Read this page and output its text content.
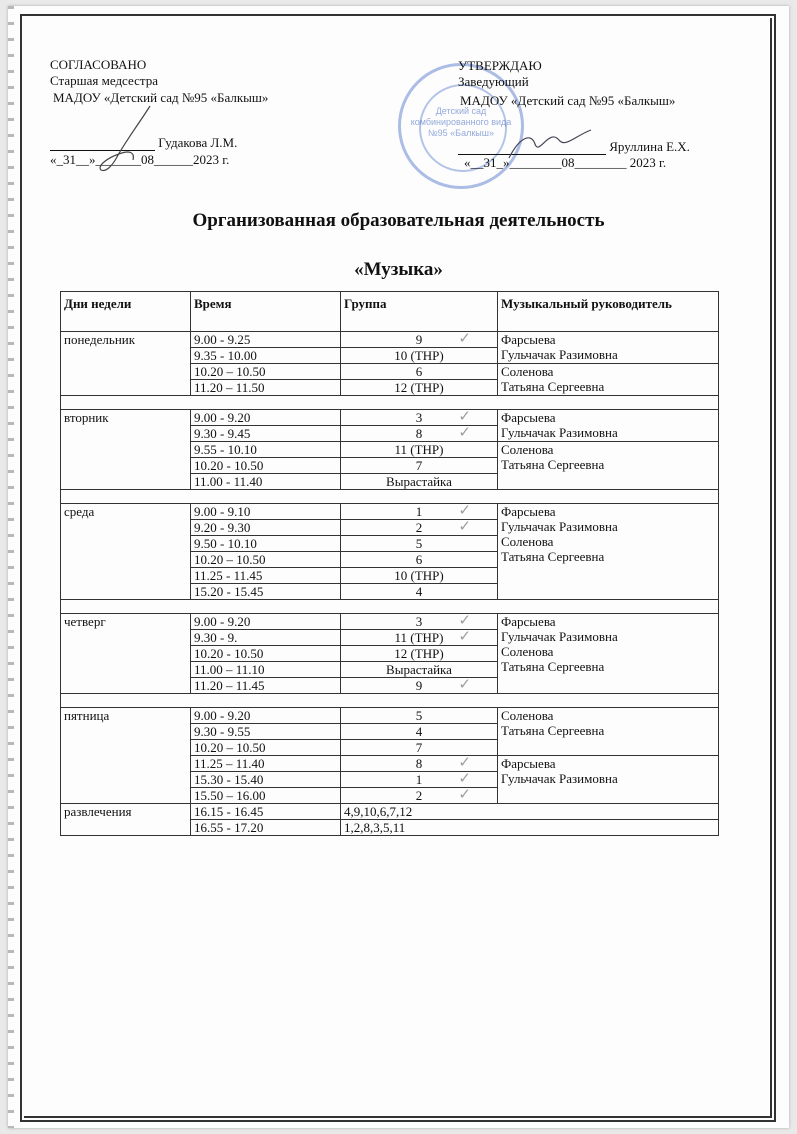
СОГЛАСОВАНО
Старшая медсестра
МАДОУ «Детский сад №95 «Балкыш»
Гудакова Л.М.
«_31__»_______08______2023 г.
Детский сад комбинированного вида №95 «Балкыш»
УТВЕРЖДАЮ
Заведующий
МАДОУ «Детский сад №95 «Балкыш»
Яруллина Е.Х.
«__31_»________08________ 2023 г.
Организованная образовательная деятельность
«Музыка»
Дни недели	Время	Группа	Музыкальный руководитель
понедельник	9.00 - 9.25	9 ✓	Фарсыева
Гульчачак Разимовна
	9.35 - 10.00	10 (ТНР)	
	10.20 – 10.50	6	Соленова
Татьяна Сергеевна
	11.20 – 11.50	12 (ТНР)	

вторник	9.00 - 9.20	3 ✓	Фарсыева
Гульчачак Разимовна
	9.30 - 9.45	8 ✓	

	9.55 - 10.10	11 (ТНР)	Соленова
Татьяна Сергеевна
	10.20 - 10.50	7	
	11.00 - 11.40	Вырастайка	

среда	9.00 - 9.10	1 ✓	Фарсыева
Гульчачак Разимовна
Соленова
Татьяна Сергеевна
	9.20 - 9.30	2 ✓	

	9.50 - 10.10	5	
	10.20 – 10.50	6	
	11.25 - 11.45	10 (ТНР)	
	15.20 - 15.45	4	

четверг	9.00 - 9.20	3 ✓	Фарсыева
Гульчачак Разимовна
Соленова
Татьяна Сергеевна
	9.30 - 9.	11 (ТНР) ✓	

	10.20 - 10.50	12 (ТНР)	
	11.00 – 11.10	Вырастайка	
	11.20 – 11.45	9 ✓	

пятница	9.00 - 9.20	5	Соленова
Татьяна Сергеевна
	9.30 - 9.55	4	
	10.20 – 10.50	7	
	11.25 – 11.40	8 ✓	Фарсыева
Гульчачак Разимовна
	15.30 - 15.40	1 ✓	

	15.50 – 16.00	2 ✓	

развлечения	16.15 - 16.45	4,9,10,6,7,12	
	16.55 - 17.20	1,2,8,3,5,11	
